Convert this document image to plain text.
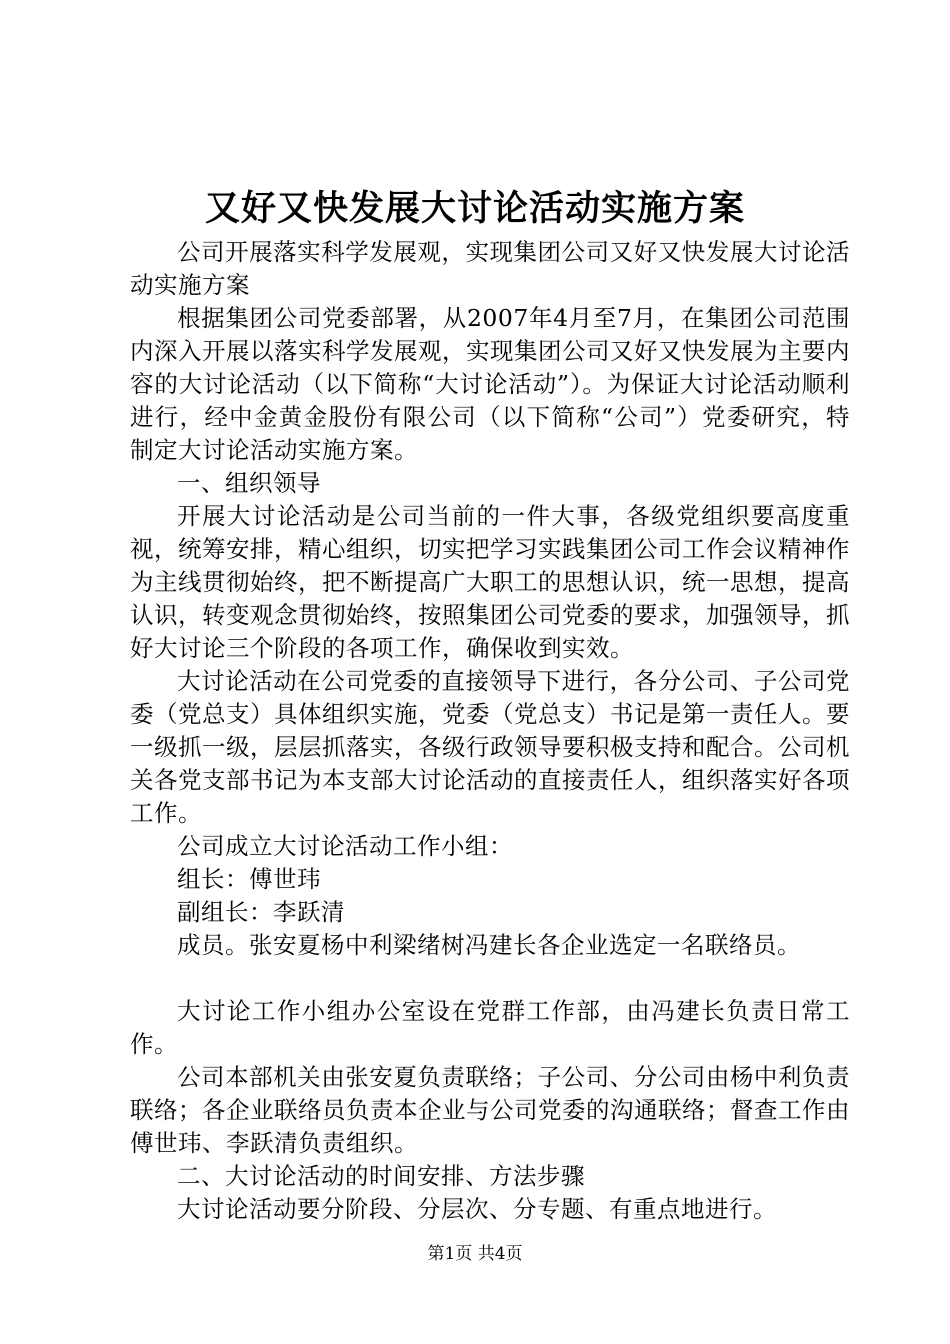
又好又快发展大讨论活动实施方案

公司开展落实科学发展观，实现集团公司又好又快发展大讨论活动实施方案

根据集团公司党委部署，从2007年4月至7月，在集团公司范围内深入开展以落实科学发展观，实现集团公司又好又快发展为主要内容的大讨论活动（以下简称“大讨论活动”）。为保证大讨论活动顺利进行，经中金黄金股份有限公司（以下简称“公司”）党委研究，特制定大讨论活动实施方案。

一、组织领导

开展大讨论活动是公司当前的一件大事，各级党组织要高度重视，统筹安排，精心组织，切实把学习实践集团公司工作会议精神作为主线贯彻始终，把不断提高广大职工的思想认识，统一思想，提高认识，转变观念贯彻始终，按照集团公司党委的要求，加强领导，抓好大讨论三个阶段的各项工作，确保收到实效。

大讨论活动在公司党委的直接领导下进行，各分公司、子公司党委（党总支）具体组织实施，党委（党总支）书记是第一责任人。要一级抓一级，层层抓落实，各级行政领导要积极支持和配合。公司机关各党支部书记为本支部大讨论活动的直接责任人，组织落实好各项工作。

公司成立大讨论活动工作小组：

组长：傅世玮

副组长：李跃清

成员。张安夏杨中利梁绪树冯建长各企业选定一名联络员。

大讨论工作小组办公室设在党群工作部，由冯建长负责日常工作。

公司本部机关由张安夏负责联络；子公司、分公司由杨中利负责联络；各企业联络员负责本企业与公司党委的沟通联络；督查工作由傅世玮、李跃清负责组织。

二、大讨论活动的时间安排、方法步骤

大讨论活动要分阶段、分层次、分专题、有重点地进行。

第1页 共4页
